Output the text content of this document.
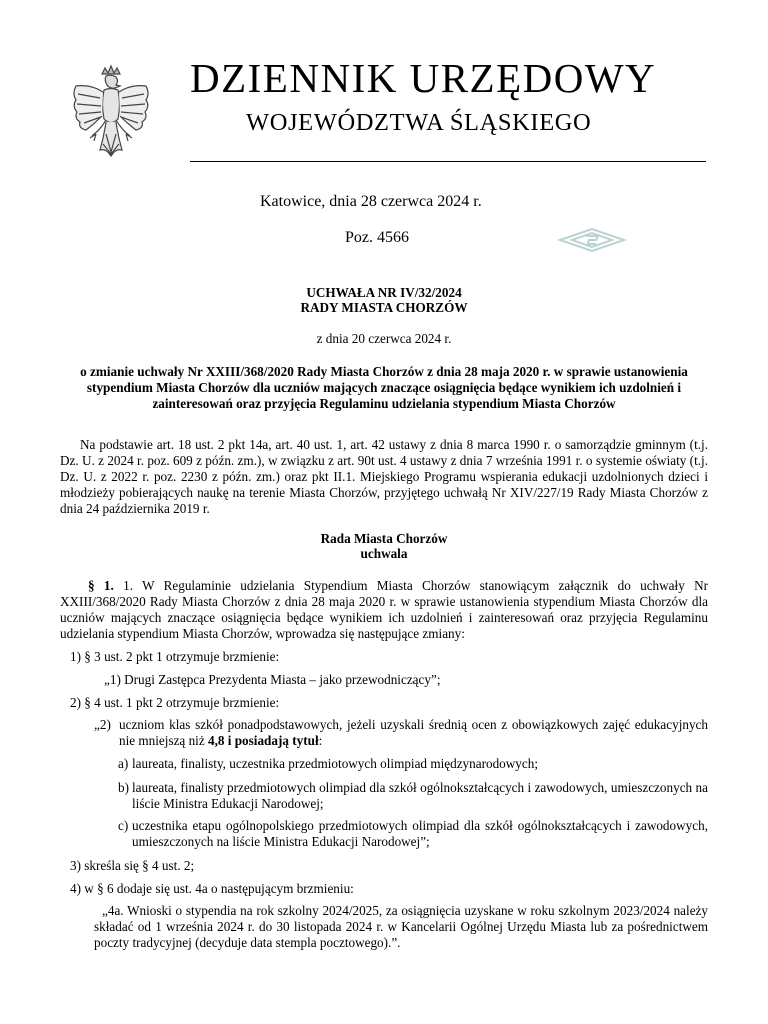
DZIENNIK URZĘDOWY
WOJEWÓDZTWA ŚLĄSKIEGO
Katowice, dnia 28 czerwca 2024 r.
Poz. 4566
UCHWAŁA NR IV/32/2024
RADY MIASTA CHORZÓW
z dnia 20 czerwca 2024 r.
o zmianie uchwały Nr XXIII/368/2020 Rady Miasta Chorzów z dnia 28 maja 2020 r. w sprawie ustanowienia stypendium Miasta Chorzów dla uczniów mających znaczące osiągnięcia będące wynikiem ich uzdolnień i zainteresowań oraz przyjęcia Regulaminu udzielania stypendium Miasta Chorzów
Na podstawie art. 18 ust. 2 pkt 14a, art. 40 ust. 1, art. 42 ustawy z dnia 8 marca 1990 r. o samorządzie gminnym (t.j. Dz. U. z 2024 r. poz. 609 z późn. zm.), w związku z art. 90t ust. 4 ustawy z dnia 7 września 1991 r. o systemie oświaty (t.j. Dz. U. z 2022 r. poz. 2230 z późn. zm.) oraz pkt II.1. Miejskiego Programu wspierania edukacji uzdolnionych dzieci i młodzieży pobierających naukę na terenie Miasta Chorzów, przyjętego uchwałą Nr XIV/227/19 Rady Miasta Chorzów z dnia 24 października 2019 r.
Rada Miasta Chorzów
uchwala
§ 1. 1. W Regulaminie udzielania Stypendium Miasta Chorzów stanowiącym załącznik do uchwały Nr XXIII/368/2020 Rady Miasta Chorzów z dnia 28 maja 2020 r. w sprawie ustanowienia stypendium Miasta Chorzów dla uczniów mających znaczące osiągnięcia będące wynikiem ich uzdolnień i zainteresowań oraz przyjęcia Regulaminu udzielania stypendium Miasta Chorzów, wprowadza się następujące zmiany:
1) § 3 ust. 2 pkt 1 otrzymuje brzmienie:
„1) Drugi Zastępca Prezydenta Miasta – jako przewodniczący”;
2) § 4 ust. 1 pkt 2 otrzymuje brzmienie:
„2) uczniom klas szkół ponadpodstawowych, jeżeli uzyskali średnią ocen z obowiązkowych zajęć edukacyjnych nie mniejszą niż 4,8 i posiadają tytuł:
a) laureata, finalisty, uczestnika przedmiotowych olimpiad międzynarodowych;
b) laureata, finalisty przedmiotowych olimpiad dla szkół ogólnokształcących i zawodowych, umieszczonych na liście Ministra Edukacji Narodowej;
c) uczestnika etapu ogólnopolskiego przedmiotowych olimpiad dla szkół ogólnokształcących i zawodowych, umieszczonych na liście Ministra Edukacji Narodowej”;
3) skreśla się § 4 ust. 2;
4) w § 6 dodaje się ust. 4a o następującym brzmieniu:
„4a. Wnioski o stypendia na rok szkolny 2024/2025, za osiągnięcia uzyskane w roku szkolnym 2023/2024 należy składać od 1 września 2024 r. do 30 listopada 2024 r. w Kancelarii Ogólnej Urzędu Miasta lub za pośrednictwem poczty tradycyjnej (decyduje data stempla pocztowego).”.
